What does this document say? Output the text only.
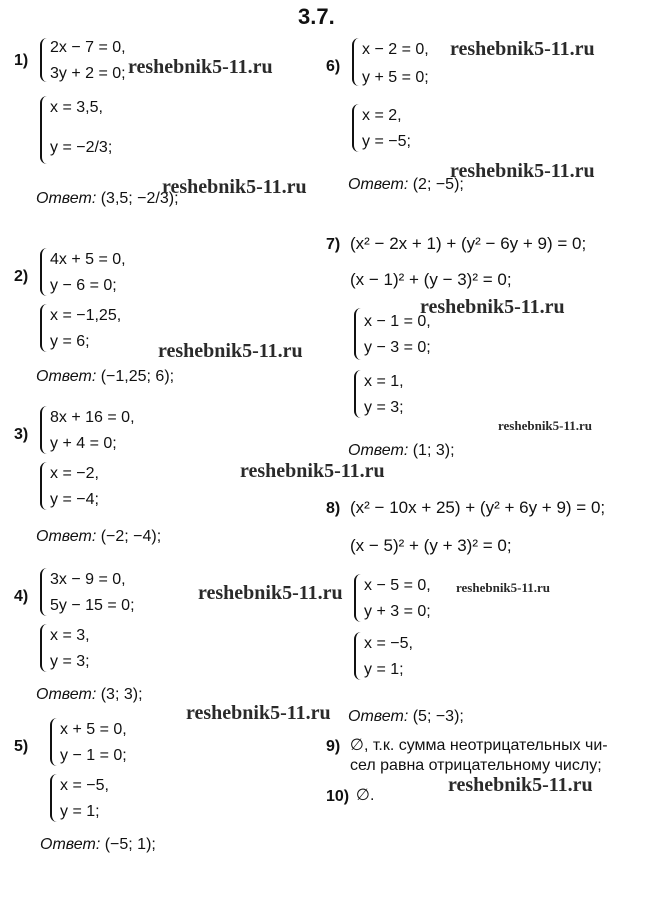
3.7.
1)
2x − 7 = 0,
3y + 2 = 0; reshebnik5-11.ru
x = 3,5,
y = −2/3;
Ответ: (3,5; −2/3);
reshebnik5-11.ru
2)
4x + 5 = 0,
y − 6 = 0;
x = −1,25,
y = 6;	reshebnik5-11.ru
Ответ: (−1,25; 6);
3)
8x + 16 = 0,
y + 4 = 0;
x = −2,
y = −4;
reshebnik5-11.ru
Ответ: (−2; −4);
4)
3x − 9 = 0,
5y − 15 = 0;
reshebnik5-11.ru
x = 3,
y = 3;
Ответ: (3; 3);
reshebnik5-11.ru
5)
x + 5 = 0,
y − 1 = 0;
x = −5,
y = 1;
Ответ: (−5; 1);
6)
x − 2 = 0,
y + 5 = 0;
reshebnik5-11.ru
x = 2,
y = −5;
Ответ: (2; −5);
reshebnik5-11.ru
7) (x² − 2x + 1) + (y² − 6y + 9) = 0;
(x − 1)² + (y − 3)² = 0;
reshebnik5-11.ru
x − 1 = 0,
y − 3 = 0;
x = 1,
y = 3;
reshebnik5-11.ru
Ответ: (1; 3);
8) (x² − 10x + 25) + (y² + 6y + 9) = 0;
(x − 5)² + (y + 3)² = 0;
x − 5 = 0,
y + 3 = 0;
reshebnik5-11.ru
x = −5,
y = 1;
Ответ: (5; −3);
9) ∅, т.к. сумма неотрицательных чи-
сел равна отрицательному числу;
10) ∅.	reshebnik5-11.ru
